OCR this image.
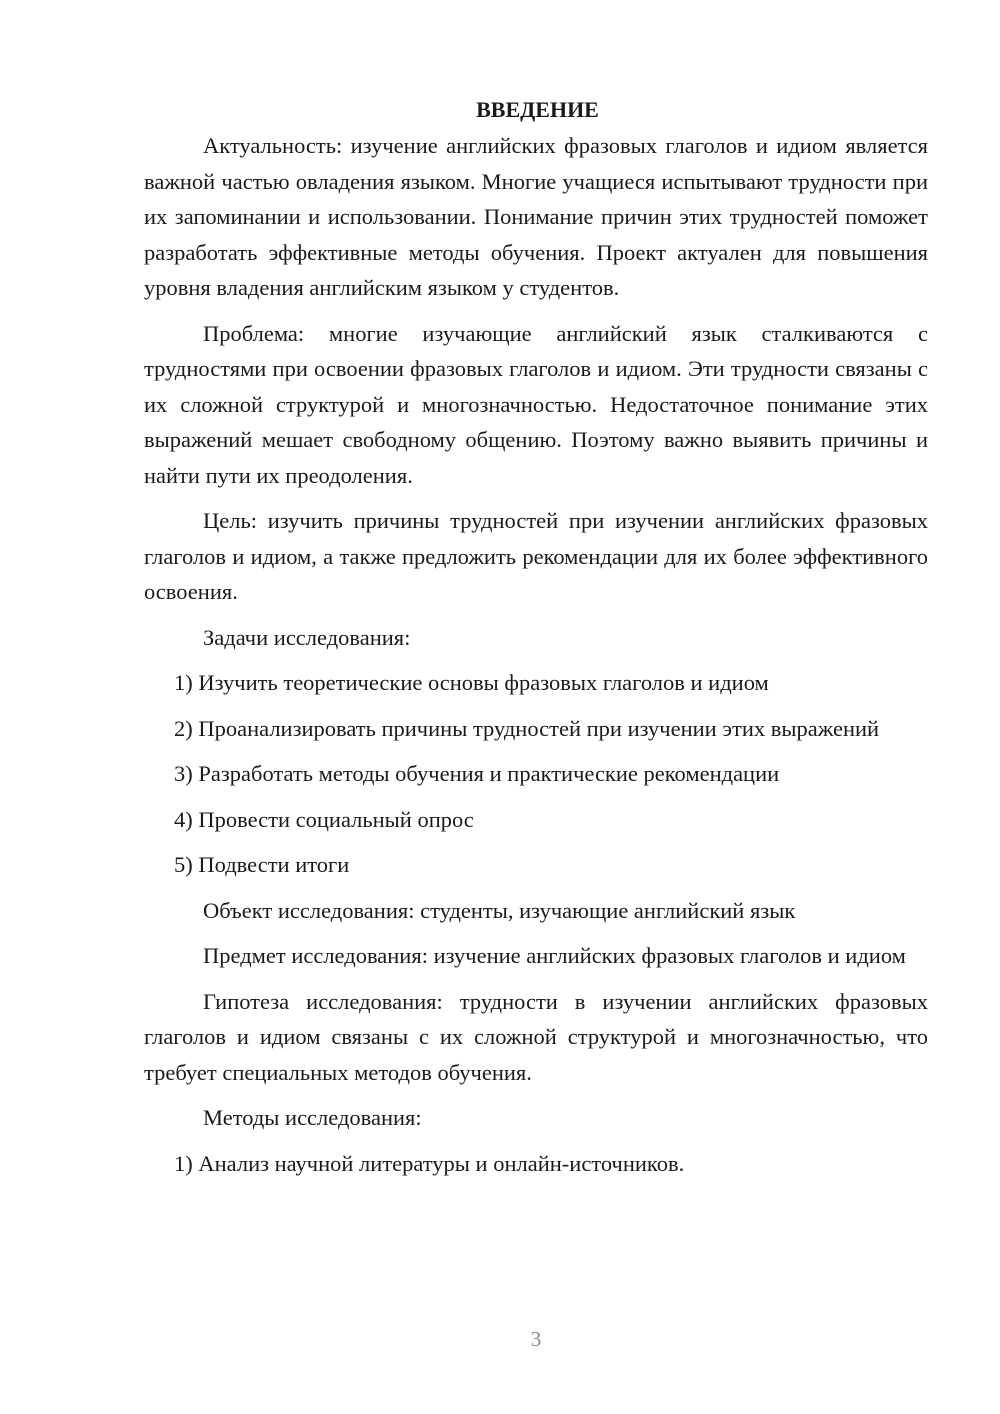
ВВЕДЕНИЕ

Актуальность: изучение английских фразовых глаголов и идиом является важной частью овладения языком. Многие учащиеся испытывают трудности при их запоминании и использовании. Понимание причин этих трудностей поможет разработать эффективные методы обучения. Проект актуален для повышения уровня владения английским языком у студентов.

Проблема: многие изучающие английский язык сталкиваются с трудностями при освоении фразовых глаголов и идиом. Эти трудности связаны с их сложной структурой и многозначностью. Недостаточное понимание этих выражений мешает свободному общению. Поэтому важно выявить причины и найти пути их преодоления.

Цель: изучить причины трудностей при изучении английских фразовых глаголов и идиом, а также предложить рекомендации для их более эффективного освоения.

Задачи исследования:

1) Изучить теоретические основы фразовых глаголов и идиом

2) Проанализировать причины трудностей при изучении этих выражений

3) Разработать методы обучения и практические рекомендации

4) Провести социальный опрос

5) Подвести итоги

Объект исследования: студенты, изучающие английский язык

Предмет исследования: изучение английских фразовых глаголов и идиом

Гипотеза исследования: трудности в изучении английских фразовых глаголов и идиом связаны с их сложной структурой и многозначностью, что требует специальных методов обучения.

Методы исследования:

1) Анализ научной литературы и онлайн-источников.

3
